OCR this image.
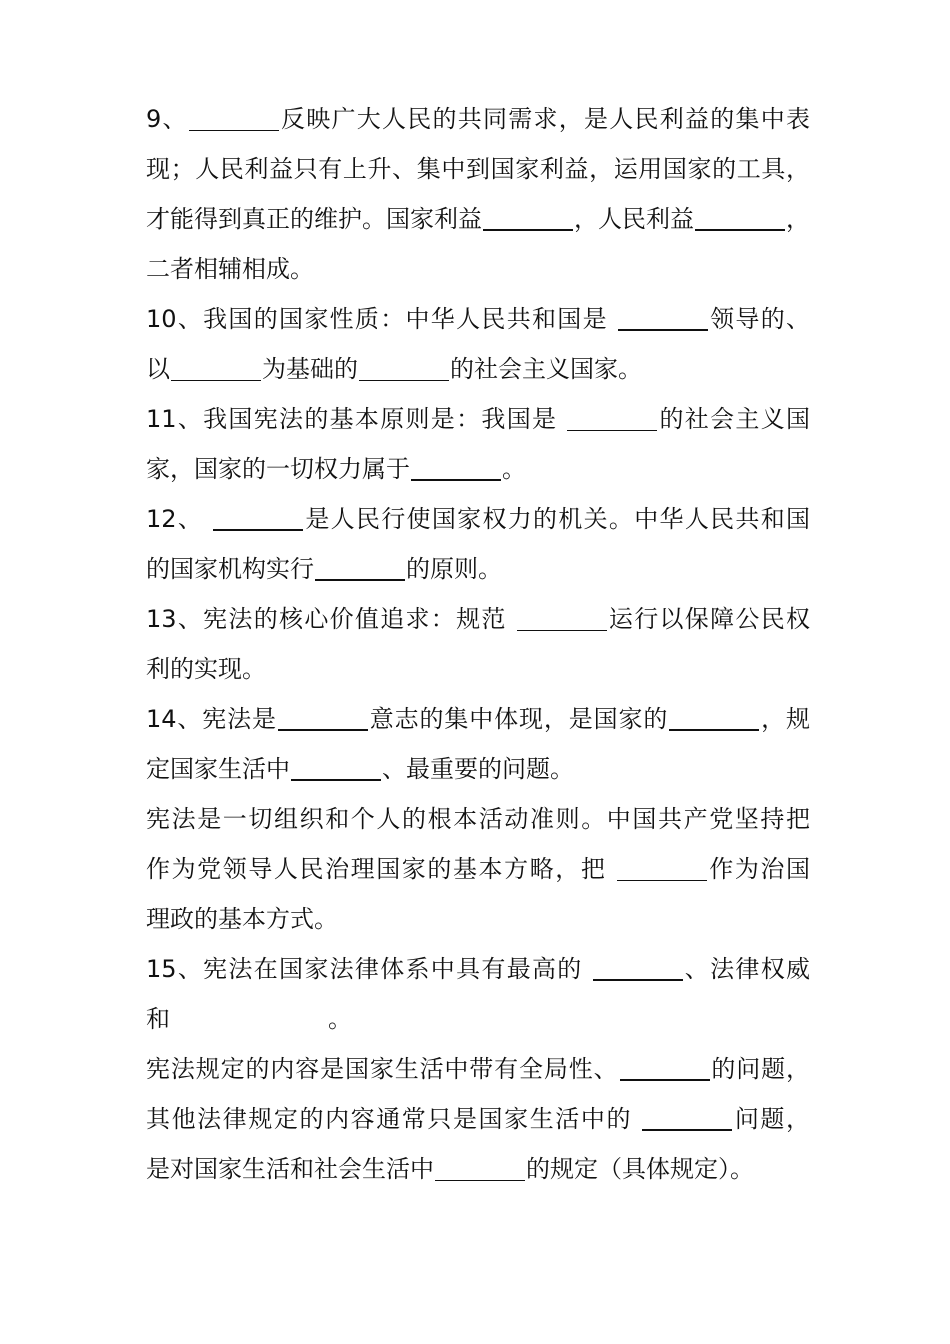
9、	反映广大人民的共同需求，是人民利益的集中表
现；人民利益只有上升、集中到国家利益，运用国家的工具，
才能得到真正的维护。国家利益	，人民利益	，
二者相辅相成。
10、我国的国家性质：中华人民共和国是	领导的、
以	为基础的	的社会主义国家。
11、我国宪法的基本原则是：我国是	的社会主义国
家，国家的一切权力属于	。
12、	是人民行使国家权力的机关。中华人民共和国
的国家机构实行	的原则。
13、宪法的核心价值追求：规范	运行以保障公民权
利的实现。
14、宪法是	意志的集中体现，是国家的	，规
定国家生活中	、最重要的问题。
宪法是一切组织和个人的根本活动准则。中国共产党坚持把
作为党领导人民治理国家的基本方略，把	作为治国
理政的基本方式。
15、宪法在国家法律体系中具有最高的	、法律权威
和	。
宪法规定的内容是国家生活中带有全局性、	的问题，
其他法律规定的内容通常只是国家生活中的	问题，
是对国家生活和社会生活中	的规定（具体规定）。
